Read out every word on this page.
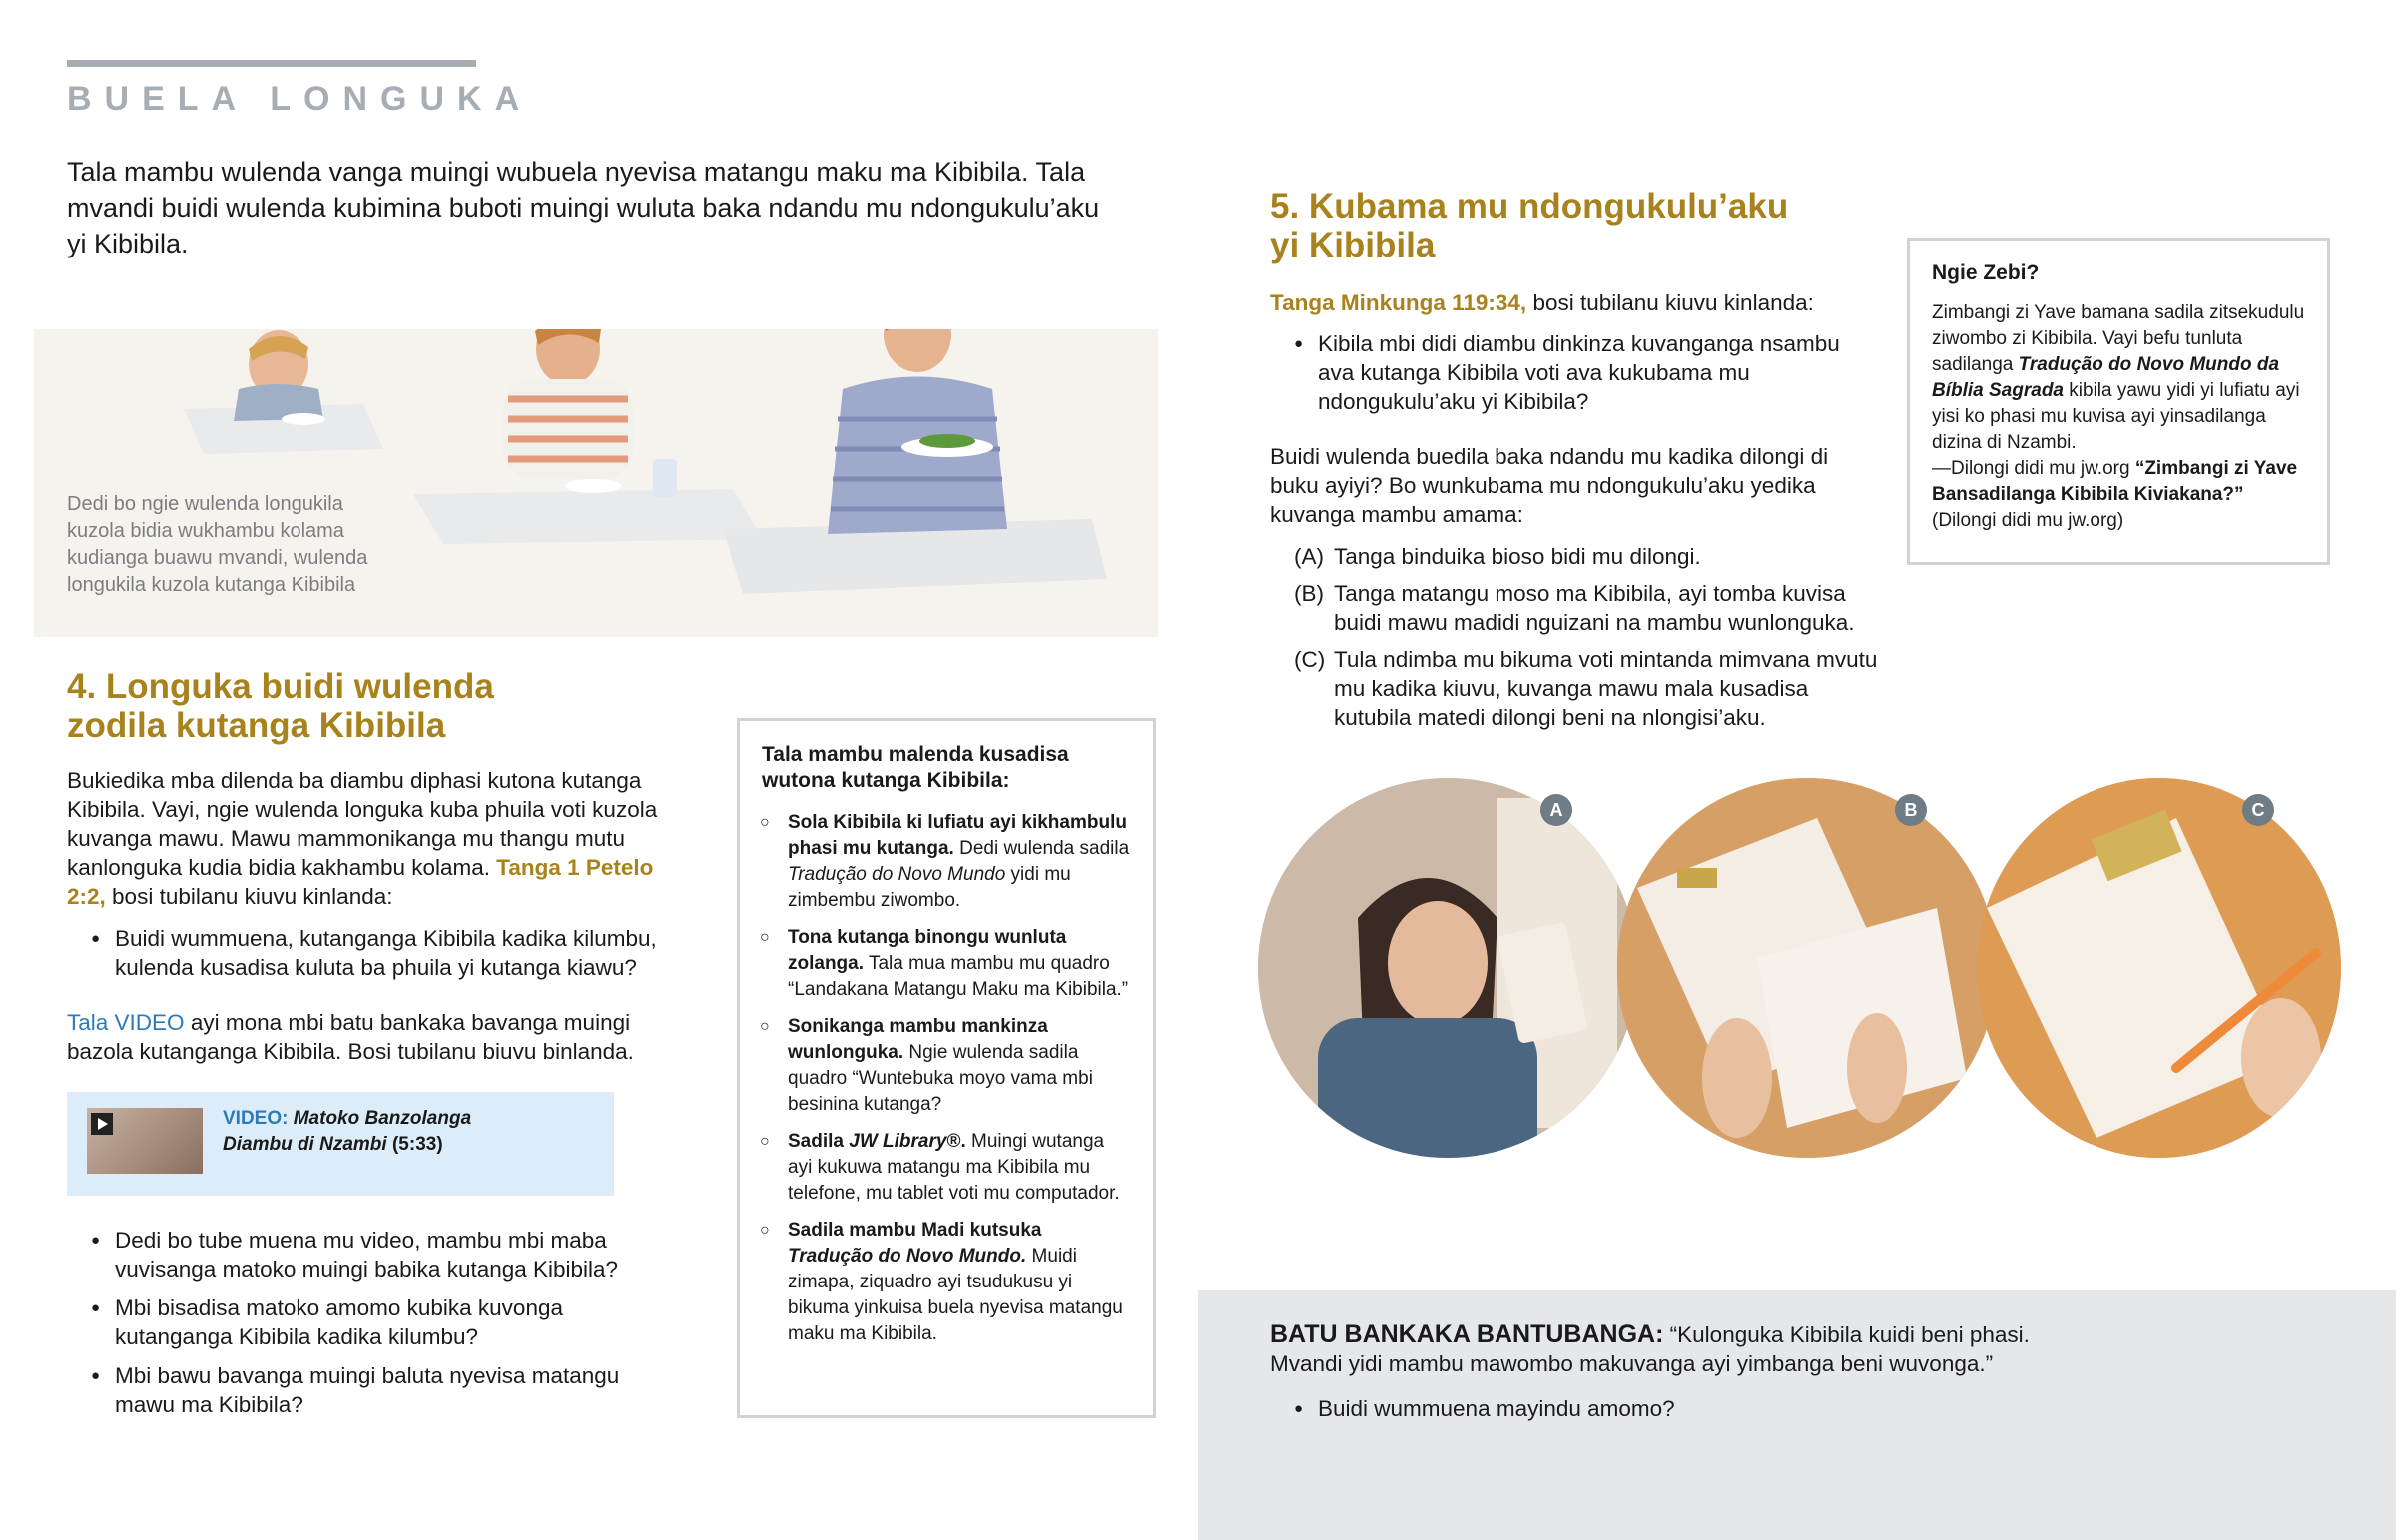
BUELA LONGUKA

Tala mambu wulenda vanga muingi wubuela nyevisa matangu maku ma Kibibila. Tala mvandi buidi wulenda kubimina buboti muingi wuluta baka ndandu mu ndongukulu’aku yi Kibibila.

Dedi bo ngie wulenda longukila kuzola bidia wukhambu kolama kudianga buawu mvandi, wulenda longukila kuzola kutanga Kibibila

4. Longuka buidi wulenda
zodila kutanga Kibibila
Bukiedika mba dilenda ba diambu diphasi kutona kutanga Kibibila. Vayi, ngie wulenda longuka kuba phuila voti kuzola kuvanga mawu. Mawu mammonikanga mu thangu mutu kanlonguka kudia bidia kakhambu kolama. Tanga 1 Petelo 2:2, bosi tubilanu kiuvu kinlanda:
● Buidi wummuena, kutanganga Kibibila kadika kilumbu, kulenda kusadisa kuluta ba phuila yi kutanga kiawu?
Tala VIDEO ayi mona mbi batu bankaka bavanga muingi bazola kutanganga Kibibila. Bosi tubilanu biuvu binlanda.
VIDEO: Matoko Banzolanga
Diambu di Nzambi (5:33)
● Dedi bo tube muena mu video, mambu mbi maba vuvisanga matoko muingi babika kutanga Kibibila?
● Mbi bisadisa matoko amomo kubika kuvonga kutanganga Kibibila kadika kilumbu?
● Mbi bawu bavanga muingi baluta nyevisa matangu mawu ma Kibibila?
Tala mambu malenda kusadisa wutona kutanga Kibibila:
○ Sola Kibibila ki lufiatu ayi kikhambulu phasi mu kutanga. Dedi wulenda sadila Tradução do Novo Mundo yidi mu zimbembu ziwombo.
○ Tona kutanga binongu wunluta zolanga. Tala mua mambu mu quadro “Landakana Matangu Maku ma Kibibila.”
○ Sonikanga mambu mankinza wunlonguka. Ngie wulenda sadila quadro “Wuntebuka moyo vama mbi besinina kutanga?
○ Sadila JW Library®. Muingi wutanga ayi kukuwa matangu ma Kibibila mu telefone, mu tablet voti mu computador.
○ Sadila mambu Madi kutsuka Tradução do Novo Mundo. Muidi zimapa, ziquadro ayi tsudukusu yi bikuma yinkuisa buela nyevisa matangu maku ma Kibibila.
5. Kubama mu ndongukulu’aku
yi Kibibila
Tanga Minkunga 119:34, bosi tubilanu kiuvu kinlanda:
● Kibila mbi didi diambu dinkinza kuvanganga nsambu ava kutanga Kibibila voti ava kukubama mu ndongukulu’aku yi Kibibila?

Buidi wulenda buedila baka ndandu mu kadika dilongi di buku ayiyi? Bo wunkubama mu ndongukulu’aku yedika kuvanga mambu amama:

(A) Tanga binduika bioso bidi mu dilongi.
(B) Tanga matangu moso ma Kibibila, ayi tomba kuvisa buidi mawu madidi nguizani na mambu wunlonguka.
(C) Tula ndimba mu bikuma voti mintanda mimvana mvutu mu kadika kiuvu, kuvanga mawu mala kusadisa kutubila matedi dilongi beni na nlongisi’aku.
Ngie Zebi?
Zimbangi zi Yave bamana sadila zitsekudulu ziwombo zi Kibibila. Vayi befu tunluta sadilanga Tradução do Novo Mundo da Bíblia Sagrada kibila yawu yidi yi lufiatu ayi yisi ko phasi mu kuvisa ayi yinsadilanga dizina di Nzambi.
—Dilongi didi mu jw.org “Zimbangi zi Yave Bansadilanga Kibibila Kiviakana?”
(Dilongi didi mu jw.org)
A	B	C
BATU BANKAKA BANTUBANGA: “Kulonguka Kibibila kuidi beni phasi. Mvandi yidi mambu mawombo makuvanga ayi yimbanga beni wuvonga.”
● Buidi wummuena mayindu amomo?
